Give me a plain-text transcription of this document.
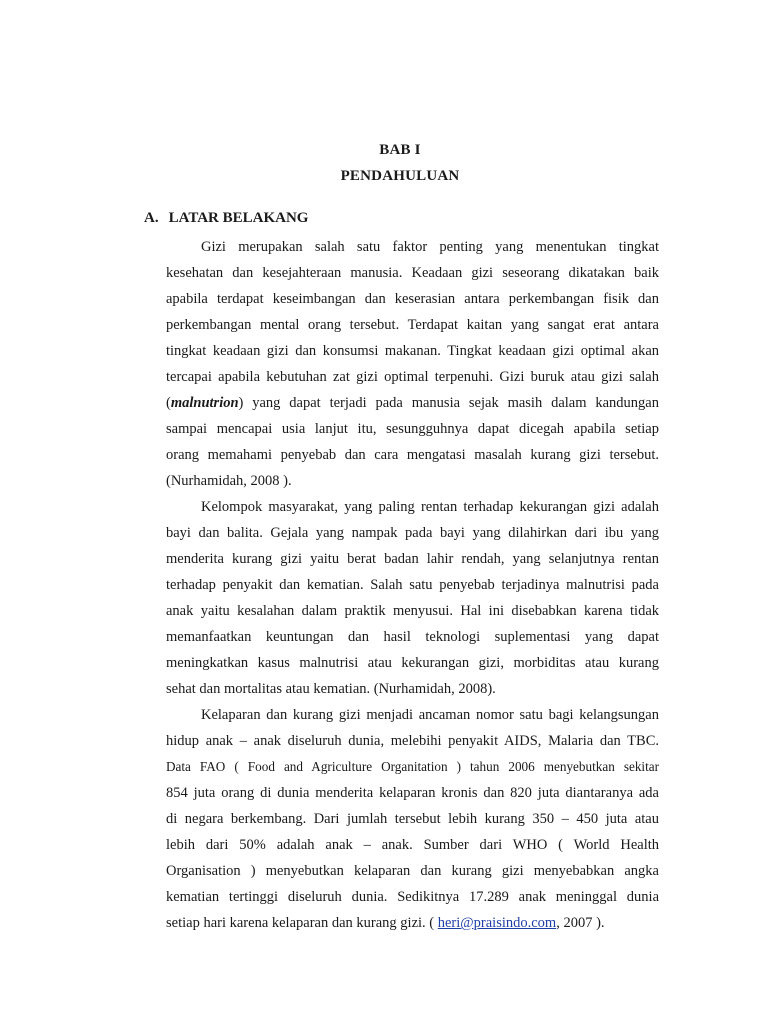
BAB I
PENDAHULUAN
A. LATAR BELAKANG
Gizi merupakan salah satu faktor penting yang menentukan tingkat
kesehatan dan kesejahteraan manusia. Keadaan gizi seseorang dikatakan baik
apabila terdapat keseimbangan dan keserasian antara perkembangan fisik dan
perkembangan mental orang tersebut. Terdapat kaitan yang sangat erat antara
tingkat keadaan gizi dan konsumsi makanan. Tingkat keadaan gizi optimal akan
tercapai apabila kebutuhan zat gizi optimal terpenuhi. Gizi buruk atau gizi salah
(malnutrion) yang dapat terjadi pada manusia sejak masih dalam kandungan
sampai mencapai usia lanjut itu, sesungguhnya dapat dicegah apabila setiap
orang memahami penyebab dan cara mengatasi masalah kurang gizi tersebut.
(Nurhamidah, 2008 ).
Kelompok masyarakat, yang paling rentan terhadap kekurangan gizi adalah
bayi dan balita. Gejala yang nampak pada bayi yang dilahirkan dari ibu yang
menderita kurang gizi yaitu berat badan lahir rendah, yang selanjutnya rentan
terhadap penyakit dan kematian. Salah satu penyebab terjadinya malnutrisi pada
anak yaitu kesalahan dalam praktik menyusui. Hal ini disebabkan karena tidak
memanfaatkan keuntungan dan hasil teknologi suplementasi yang dapat
meningkatkan kasus malnutrisi atau kekurangan gizi, morbiditas atau kurang
sehat dan mortalitas atau kematian. (Nurhamidah, 2008).
Kelaparan dan kurang gizi menjadi ancaman nomor satu bagi kelangsungan
hidup anak – anak diseluruh dunia, melebihi penyakit AIDS, Malaria dan TBC.
Data FAO ( Food and Agriculture Organitation ) tahun 2006 menyebutkan sekitar
854 juta orang di dunia menderita kelaparan kronis dan 820 juta diantaranya ada
di negara berkembang. Dari jumlah tersebut lebih kurang 350 – 450 juta atau
lebih dari 50% adalah anak – anak. Sumber dari WHO ( World Health
Organisation ) menyebutkan kelaparan dan kurang gizi menyebabkan angka
kematian tertinggi diseluruh dunia. Sedikitnya 17.289 anak meninggal dunia
setiap hari karena kelaparan dan kurang gizi. ( heri@praisindo.com, 2007 ).
